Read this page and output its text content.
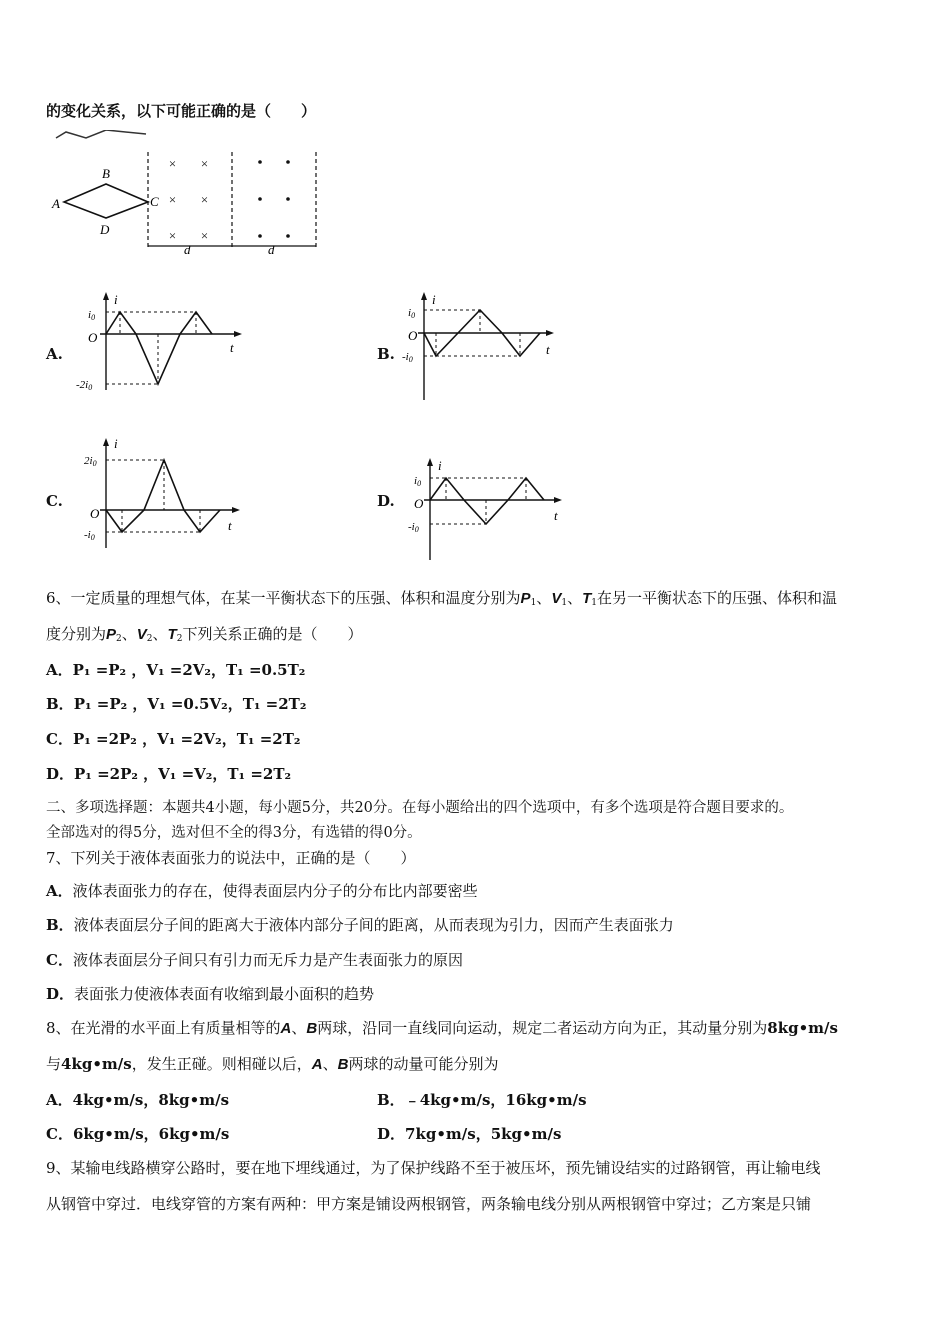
的变化关系，以下可能正确的是（　　）
A
B
C
D
× ×
× ×
× ×
d	d
A.
i
t
O
i0
-2i0
B.
i
t
O
i0
-i0
C.
i
t
O
2i0
-i0
D.
i
t
O
i0
-i0
6、一定质量的理想气体，在某一平衡状态下的压强、体积和温度分别为$P_1$、$V_1$、$T_1$在另一平衡状态下的压强、体积和温
度分别为$P_2$、$V_2$、$T_2$下列关系正确的是（　　）
A．P₁ =P₂ ，V₁ =2V₂，T₁ =0.5T₂
B．P₁ =P₂ ，V₁ =0.5V₂，T₁ =2T₂
C．P₁ =2P₂ ，V₁ =2V₂，T₁ =2T₂
D．P₁ =2P₂ ，V₁ =V₂，T₁ =2T₂
二、多项选择题：本题共4小题，每小题5分，共20分。在每小题给出的四个选项中，有多个选项是符合题目要求的。
全部选对的得5分，选对但不全的得3分，有选错的得0分。
7、下列关于液体表面张力的说法中，正确的是（　　）
A．液体表面张力的存在，使得表面层内分子的分布比内部要密些
B．液体表面层分子间的距离大于液体内部分子间的距离，从而表现为引力，因而产生表面张力
C．液体表面层分子间只有引力而无斥力是产生表面张力的原因
D．表面张力使液体表面有收缩到最小面积的趋势
8、在光滑的水平面上有质量相等的A、B两球，沿同一直线同向运动，规定二者运动方向为正，其动量分别为8kg•m/s
与4kg•m/s，发生正碰。则相碰以后，A、B两球的动量可能分别为
A．4kg•m/s，8kg•m/s	B．﹣4kg•m/s，16kg•m/s
C．6kg•m/s，6kg•m/s	D．7kg•m/s，5kg•m/s
9、某输电线路横穿公路时，要在地下埋线通过，为了保护线路不至于被压坏，预先铺设结实的过路钢管，再让输电线
从钢管中穿过．电线穿管的方案有两种：甲方案是铺设两根钢管，两条输电线分别从两根钢管中穿过；乙方案是只铺
